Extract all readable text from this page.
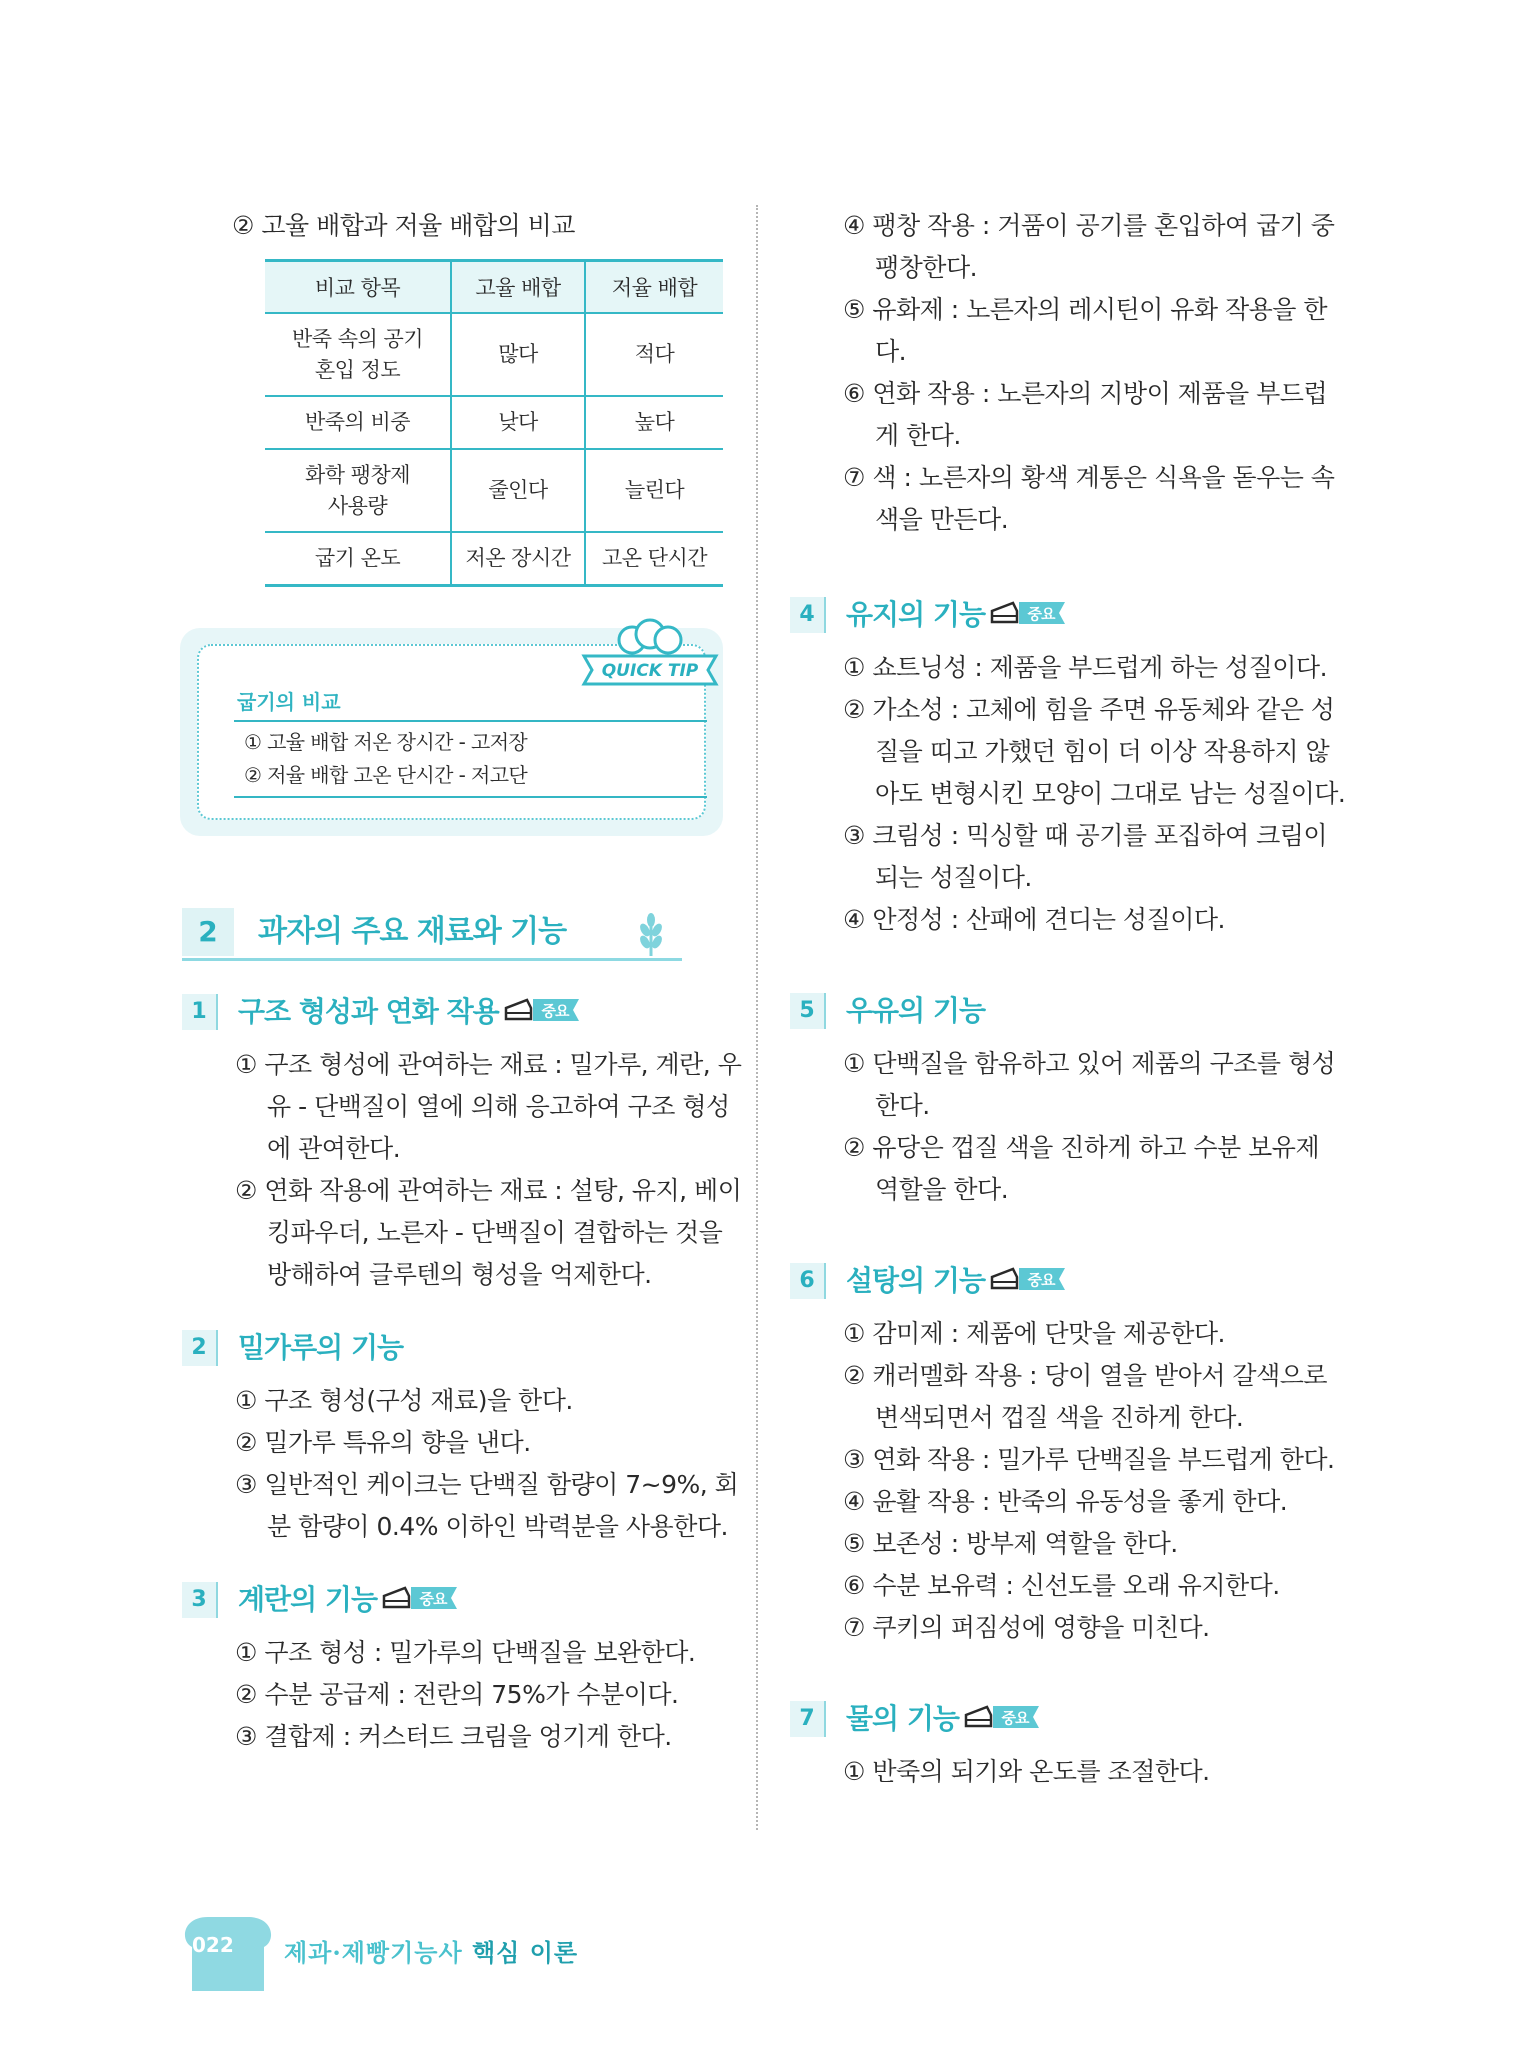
② 고율 배합과 저율 배합의 비교
비교 항목	고율 배합	저율 배합
반죽 속의 공기
혼입 정도	많다	적다
반죽의 비중	낮다	높다
화학 팽창제
사용량	줄인다	늘린다
굽기 온도	저온 장시간	고온 단시간
굽기의 비교
① 고율 배합 저온 장시간 - 고저장
② 저율 배합 고온 단시간 - 저고단
QUICK TIP
2	과자의 주요 재료와 기능
1	구조 형성과 연화 작용	중요
① 구조 형성에 관여하는 재료 : 밀가루, 계란, 우유 - 단백질이 열에 의해 응고하여 구조 형성에 관여한다.
② 연화 작용에 관여하는 재료 : 설탕, 유지, 베이킹파우더, 노른자 - 단백질이 결합하는 것을 방해하여 글루텐의 형성을 억제한다.
2	밀가루의 기능
① 구조 형성(구성 재료)을 한다.
② 밀가루 특유의 향을 낸다.
③ 일반적인 케이크는 단백질 함량이 7~9%, 회분 함량이 0.4% 이하인 박력분을 사용한다.
3	계란의 기능	중요
① 구조 형성 : 밀가루의 단백질을 보완한다.
② 수분 공급제 : 전란의 75%가 수분이다.
③ 결합제 : 커스터드 크림을 엉기게 한다.
④ 팽창 작용 : 거품이 공기를 혼입하여 굽기 중 팽창한다.
⑤ 유화제 : 노른자의 레시틴이 유화 작용을 한다.
⑥ 연화 작용 : 노른자의 지방이 제품을 부드럽게 한다.
⑦ 색 : 노른자의 황색 계통은 식욕을 돋우는 속색을 만든다.
4	유지의 기능	중요
① 쇼트닝성 : 제품을 부드럽게 하는 성질이다.
② 가소성 : 고체에 힘을 주면 유동체와 같은 성질을 띠고 가했던 힘이 더 이상 작용하지 않아도 변형시킨 모양이 그대로 남는 성질이다.
③ 크림성 : 믹싱할 때 공기를 포집하여 크림이 되는 성질이다.
④ 안정성 : 산패에 견디는 성질이다.
5	우유의 기능
① 단백질을 함유하고 있어 제품의 구조를 형성한다.
② 유당은 껍질 색을 진하게 하고 수분 보유제 역할을 한다.
6	설탕의 기능	중요
① 감미제 : 제품에 단맛을 제공한다.
② 캐러멜화 작용 : 당이 열을 받아서 갈색으로 변색되면서 껍질 색을 진하게 한다.
③ 연화 작용 : 밀가루 단백질을 부드럽게 한다.
④ 윤활 작용 : 반죽의 유동성을 좋게 한다.
⑤ 보존성 : 방부제 역할을 한다.
⑥ 수분 보유력 : 신선도를 오래 유지한다.
⑦ 쿠키의 퍼짐성에 영향을 미친다.
7	물의 기능	중요
① 반죽의 되기와 온도를 조절한다.
022 제과·제빵기능사 핵심 이론
